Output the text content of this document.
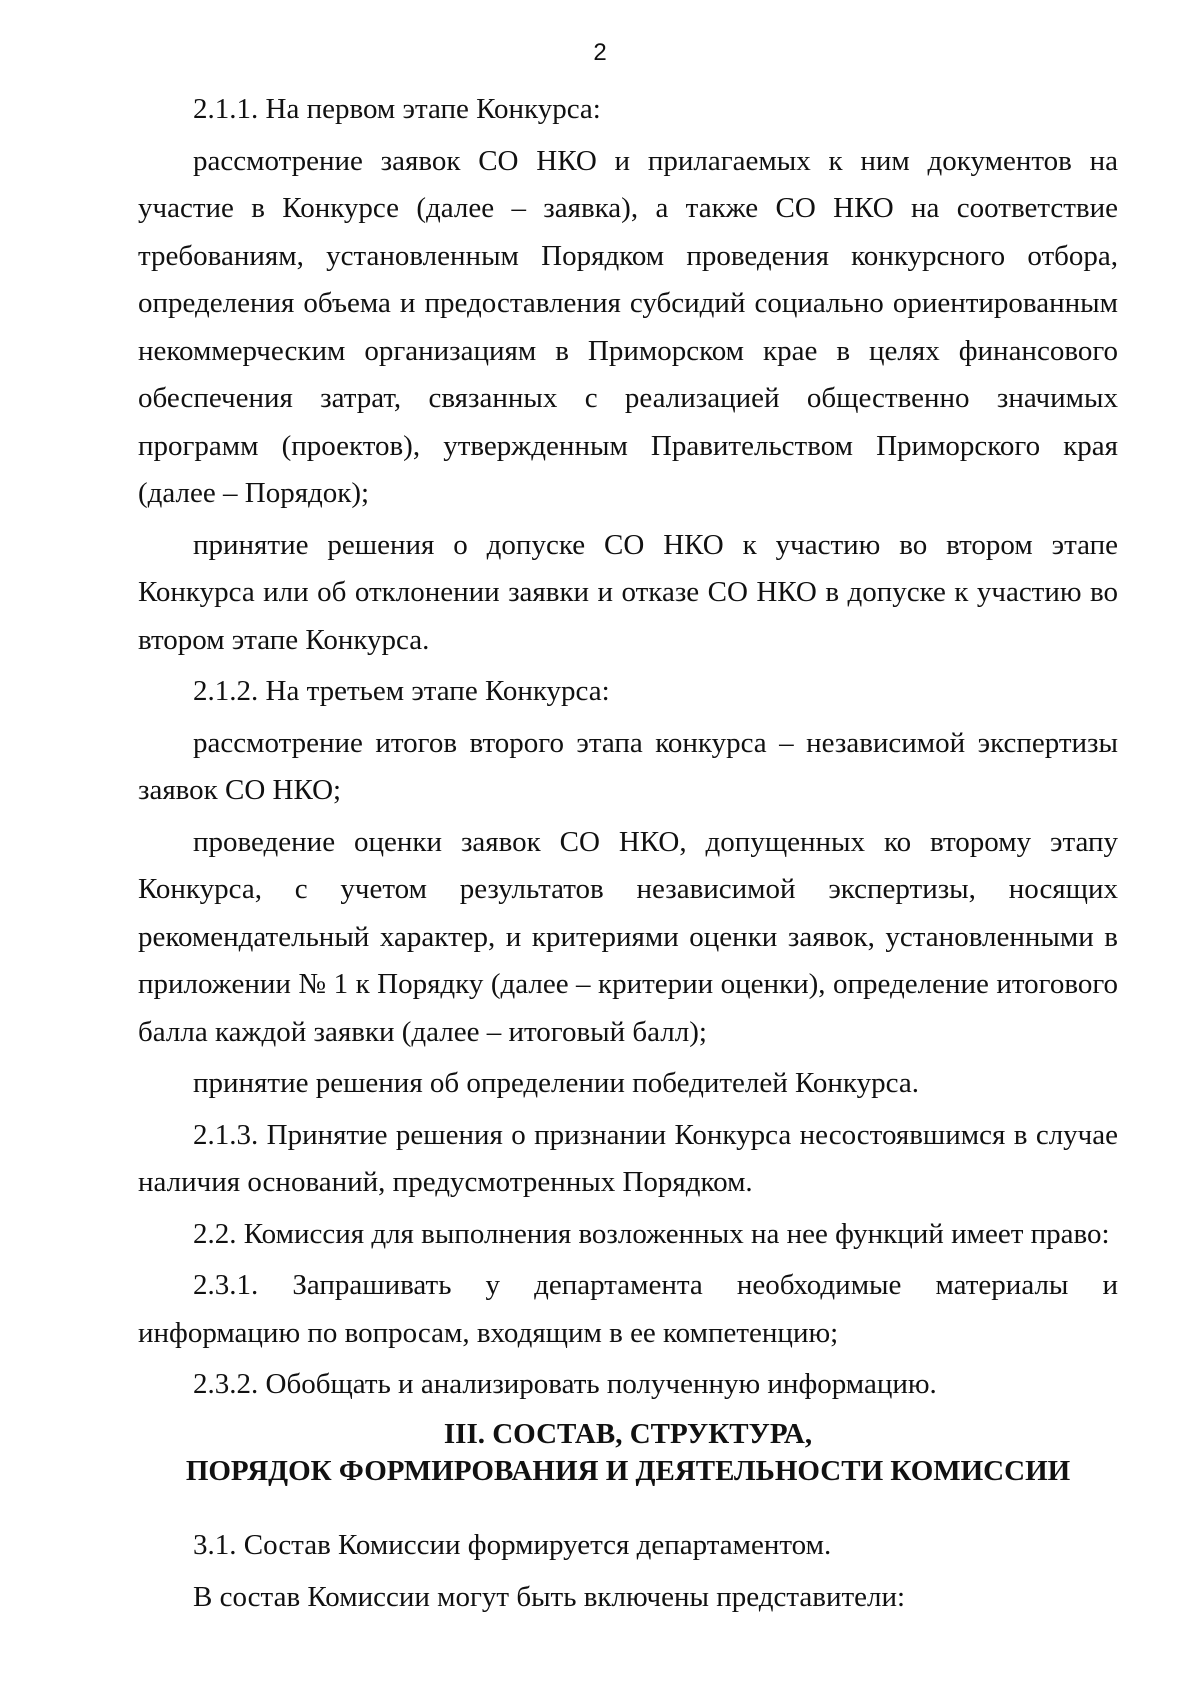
2

2.1.1. На первом этапе Конкурса:

рассмотрение заявок СО НКО и прилагаемых к ним документов на участие в Конкурсе (далее – заявка), а также СО НКО на соответствие требованиям, установленным Порядком проведения конкурсного отбора, определения объема и предоставления субсидий социально ориентированным некоммерческим организациям в Приморском крае в целях финансового обеспечения затрат, связанных с реализацией общественно значимых программ (проектов), утвержденным Правительством Приморского края (далее – Порядок);

принятие решения о допуске СО НКО к участию во втором этапе Конкурса или об отклонении заявки и отказе СО НКО в допуске к участию во втором этапе Конкурса.

2.1.2. На третьем этапе Конкурса:

рассмотрение итогов второго этапа конкурса – независимой экспертизы заявок СО НКО;

проведение оценки заявок СО НКО, допущенных ко второму этапу Конкурса, с учетом результатов независимой экспертизы, носящих рекомендательный характер, и критериями оценки заявок, установленными в приложении № 1 к Порядку (далее – критерии оценки), определение итогового балла каждой заявки (далее – итоговый балл);

принятие решения об определении победителей Конкурса.

2.1.3. Принятие решения о признании Конкурса несостоявшимся в случае наличия оснований, предусмотренных Порядком.

2.2. Комиссия для выполнения возложенных на нее функций имеет право:

2.3.1. Запрашивать у департамента необходимые материалы и информацию по вопросам, входящим в ее компетенцию;

2.3.2. Обобщать и анализировать полученную информацию.

III. СОСТАВ, СТРУКТУРА,
ПОРЯДОК ФОРМИРОВАНИЯ И ДЕЯТЕЛЬНОСТИ КОМИССИИ

3.1. Состав Комиссии формируется департаментом.

В состав Комиссии могут быть включены представители:
